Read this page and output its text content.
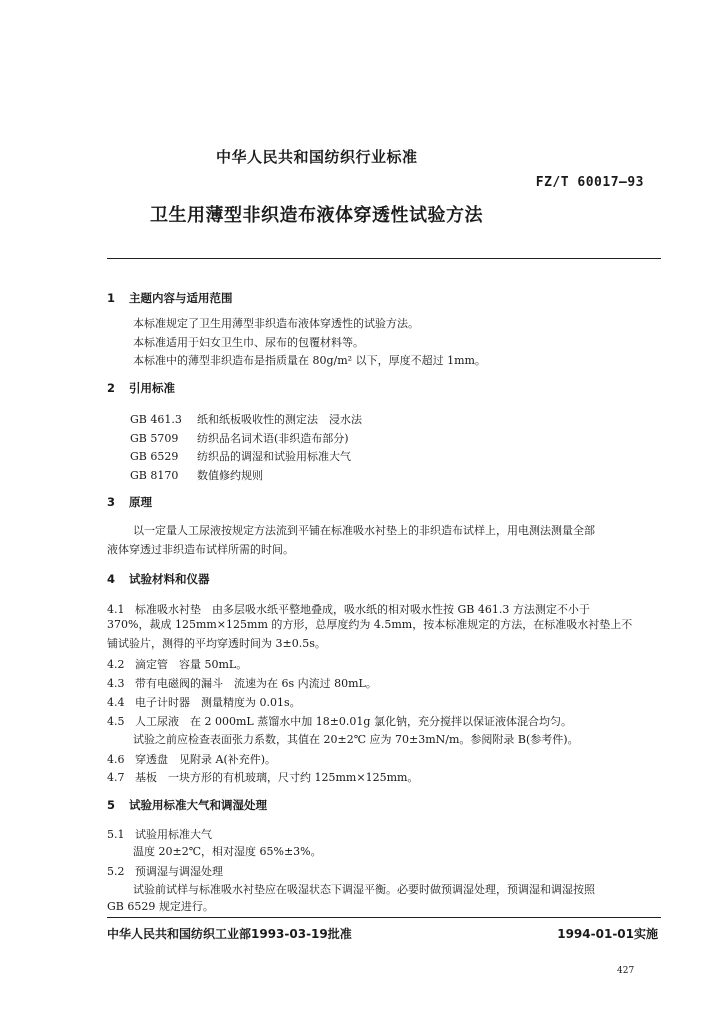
中华人民共和国纺织行业标准
FZ/T 60017—93
卫生用薄型非织造布液体穿透性试验方法
1 主题内容与适用范围
本标准规定了卫生用薄型非织造布液体穿透性的试验方法。
本标准适用于妇女卫生巾、尿布的包覆材料等。
本标准中的薄型非织造布是指质量在 80g/m² 以下，厚度不超过 1mm。
2 引用标准
GB 461.3 纸和纸板吸收性的测定法　浸水法
GB 5709 纺织品名词术语(非织造布部分)
GB 6529 纺织品的调湿和试验用标准大气
GB 8170 数值修约规则
3 原理
以一定量人工尿液按规定方法流到平铺在标准吸水衬垫上的非织造布试样上，用电测法测量全部
液体穿透过非织造布试样所需的时间。
4 试验材料和仪器
4.1 标准吸水衬垫　由多层吸水纸平整地叠成，吸水纸的相对吸水性按 GB 461.3 方法测定不小于
370%，裁成 125mm×125mm 的方形，总厚度约为 4.5mm，按本标准规定的方法，在标准吸水衬垫上不
铺试验片，测得的平均穿透时间为 3±0.5s。
4.2 滴定管　容量 50mL。
4.3 带有电磁阀的漏斗　流速为在 6s 内流过 80mL。
4.4 电子计时器　测量精度为 0.01s。
4.5 人工尿液　在 2 000mL 蒸馏水中加 18±0.01g 氯化钠，充分搅拌以保证液体混合均匀。
试验之前应检查表面张力系数，其值在 20±2℃ 应为 70±3mN/m。参阅附录 B(参考件)。
4.6 穿透盘　见附录 A(补充件)。
4.7 基板　一块方形的有机玻璃，尺寸约 125mm×125mm。
5 试验用标准大气和调湿处理
5.1 试验用标准大气
温度 20±2℃，相对湿度 65%±3%。
5.2 预调湿与调湿处理
试验前试样与标准吸水衬垫应在吸湿状态下调湿平衡。必要时做预调湿处理，预调湿和调湿按照
GB 6529 规定进行。
中华人民共和国纺织工业部1993-03-19批准	1994-01-01实施
427
